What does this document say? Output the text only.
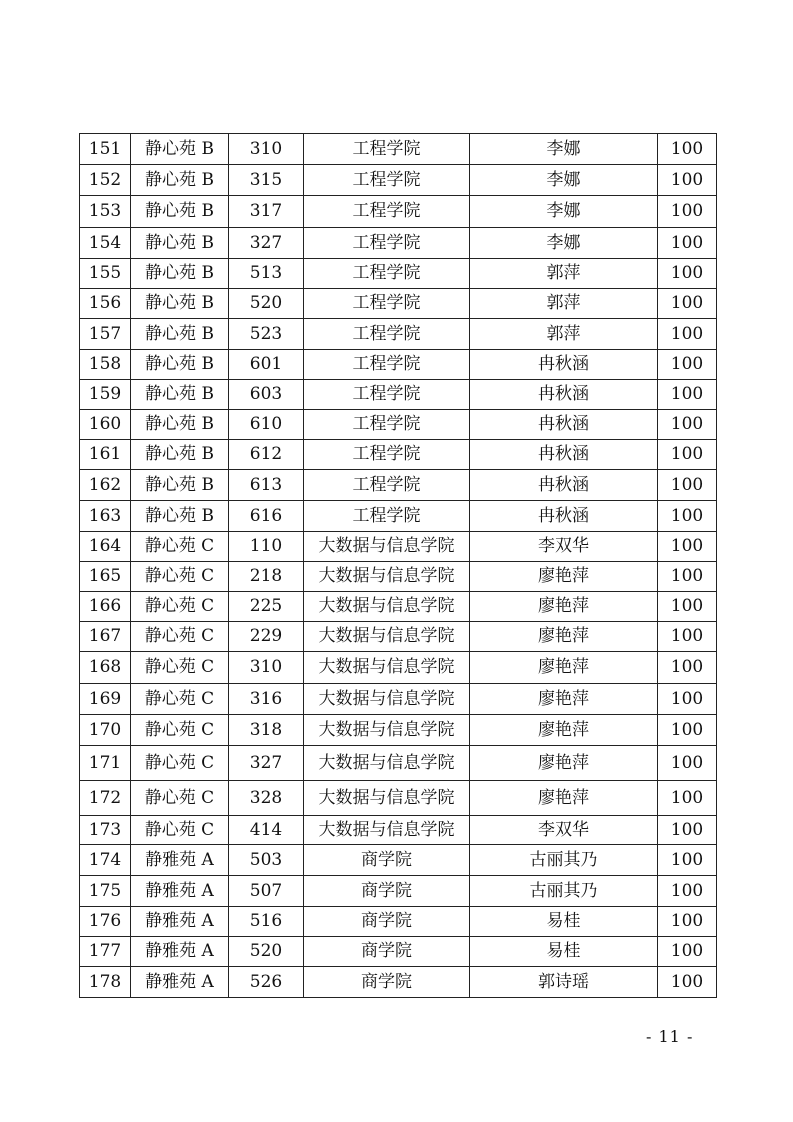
151	静心苑 B	310	工程学院	李娜	100
152	静心苑 B	315	工程学院	李娜	100
153	静心苑 B	317	工程学院	李娜	100
154	静心苑 B	327	工程学院	李娜	100
155	静心苑 B	513	工程学院	郭萍	100
156	静心苑 B	520	工程学院	郭萍	100
157	静心苑 B	523	工程学院	郭萍	100
158	静心苑 B	601	工程学院	冉秋涵	100
159	静心苑 B	603	工程学院	冉秋涵	100
160	静心苑 B	610	工程学院	冉秋涵	100
161	静心苑 B	612	工程学院	冉秋涵	100
162	静心苑 B	613	工程学院	冉秋涵	100
163	静心苑 B	616	工程学院	冉秋涵	100
164	静心苑 C	110	大数据与信息学院	李双华	100
165	静心苑 C	218	大数据与信息学院	廖艳萍	100
166	静心苑 C	225	大数据与信息学院	廖艳萍	100
167	静心苑 C	229	大数据与信息学院	廖艳萍	100
168	静心苑 C	310	大数据与信息学院	廖艳萍	100
169	静心苑 C	316	大数据与信息学院	廖艳萍	100
170	静心苑 C	318	大数据与信息学院	廖艳萍	100
171	静心苑 C	327	大数据与信息学院	廖艳萍	100
172	静心苑 C	328	大数据与信息学院	廖艳萍	100
173	静心苑 C	414	大数据与信息学院	李双华	100
174	静雅苑 A	503	商学院	古丽其乃	100
175	静雅苑 A	507	商学院	古丽其乃	100
176	静雅苑 A	516	商学院	易桂	100
177	静雅苑 A	520	商学院	易桂	100
178	静雅苑 A	526	商学院	郭诗瑶	100
- 11 -
